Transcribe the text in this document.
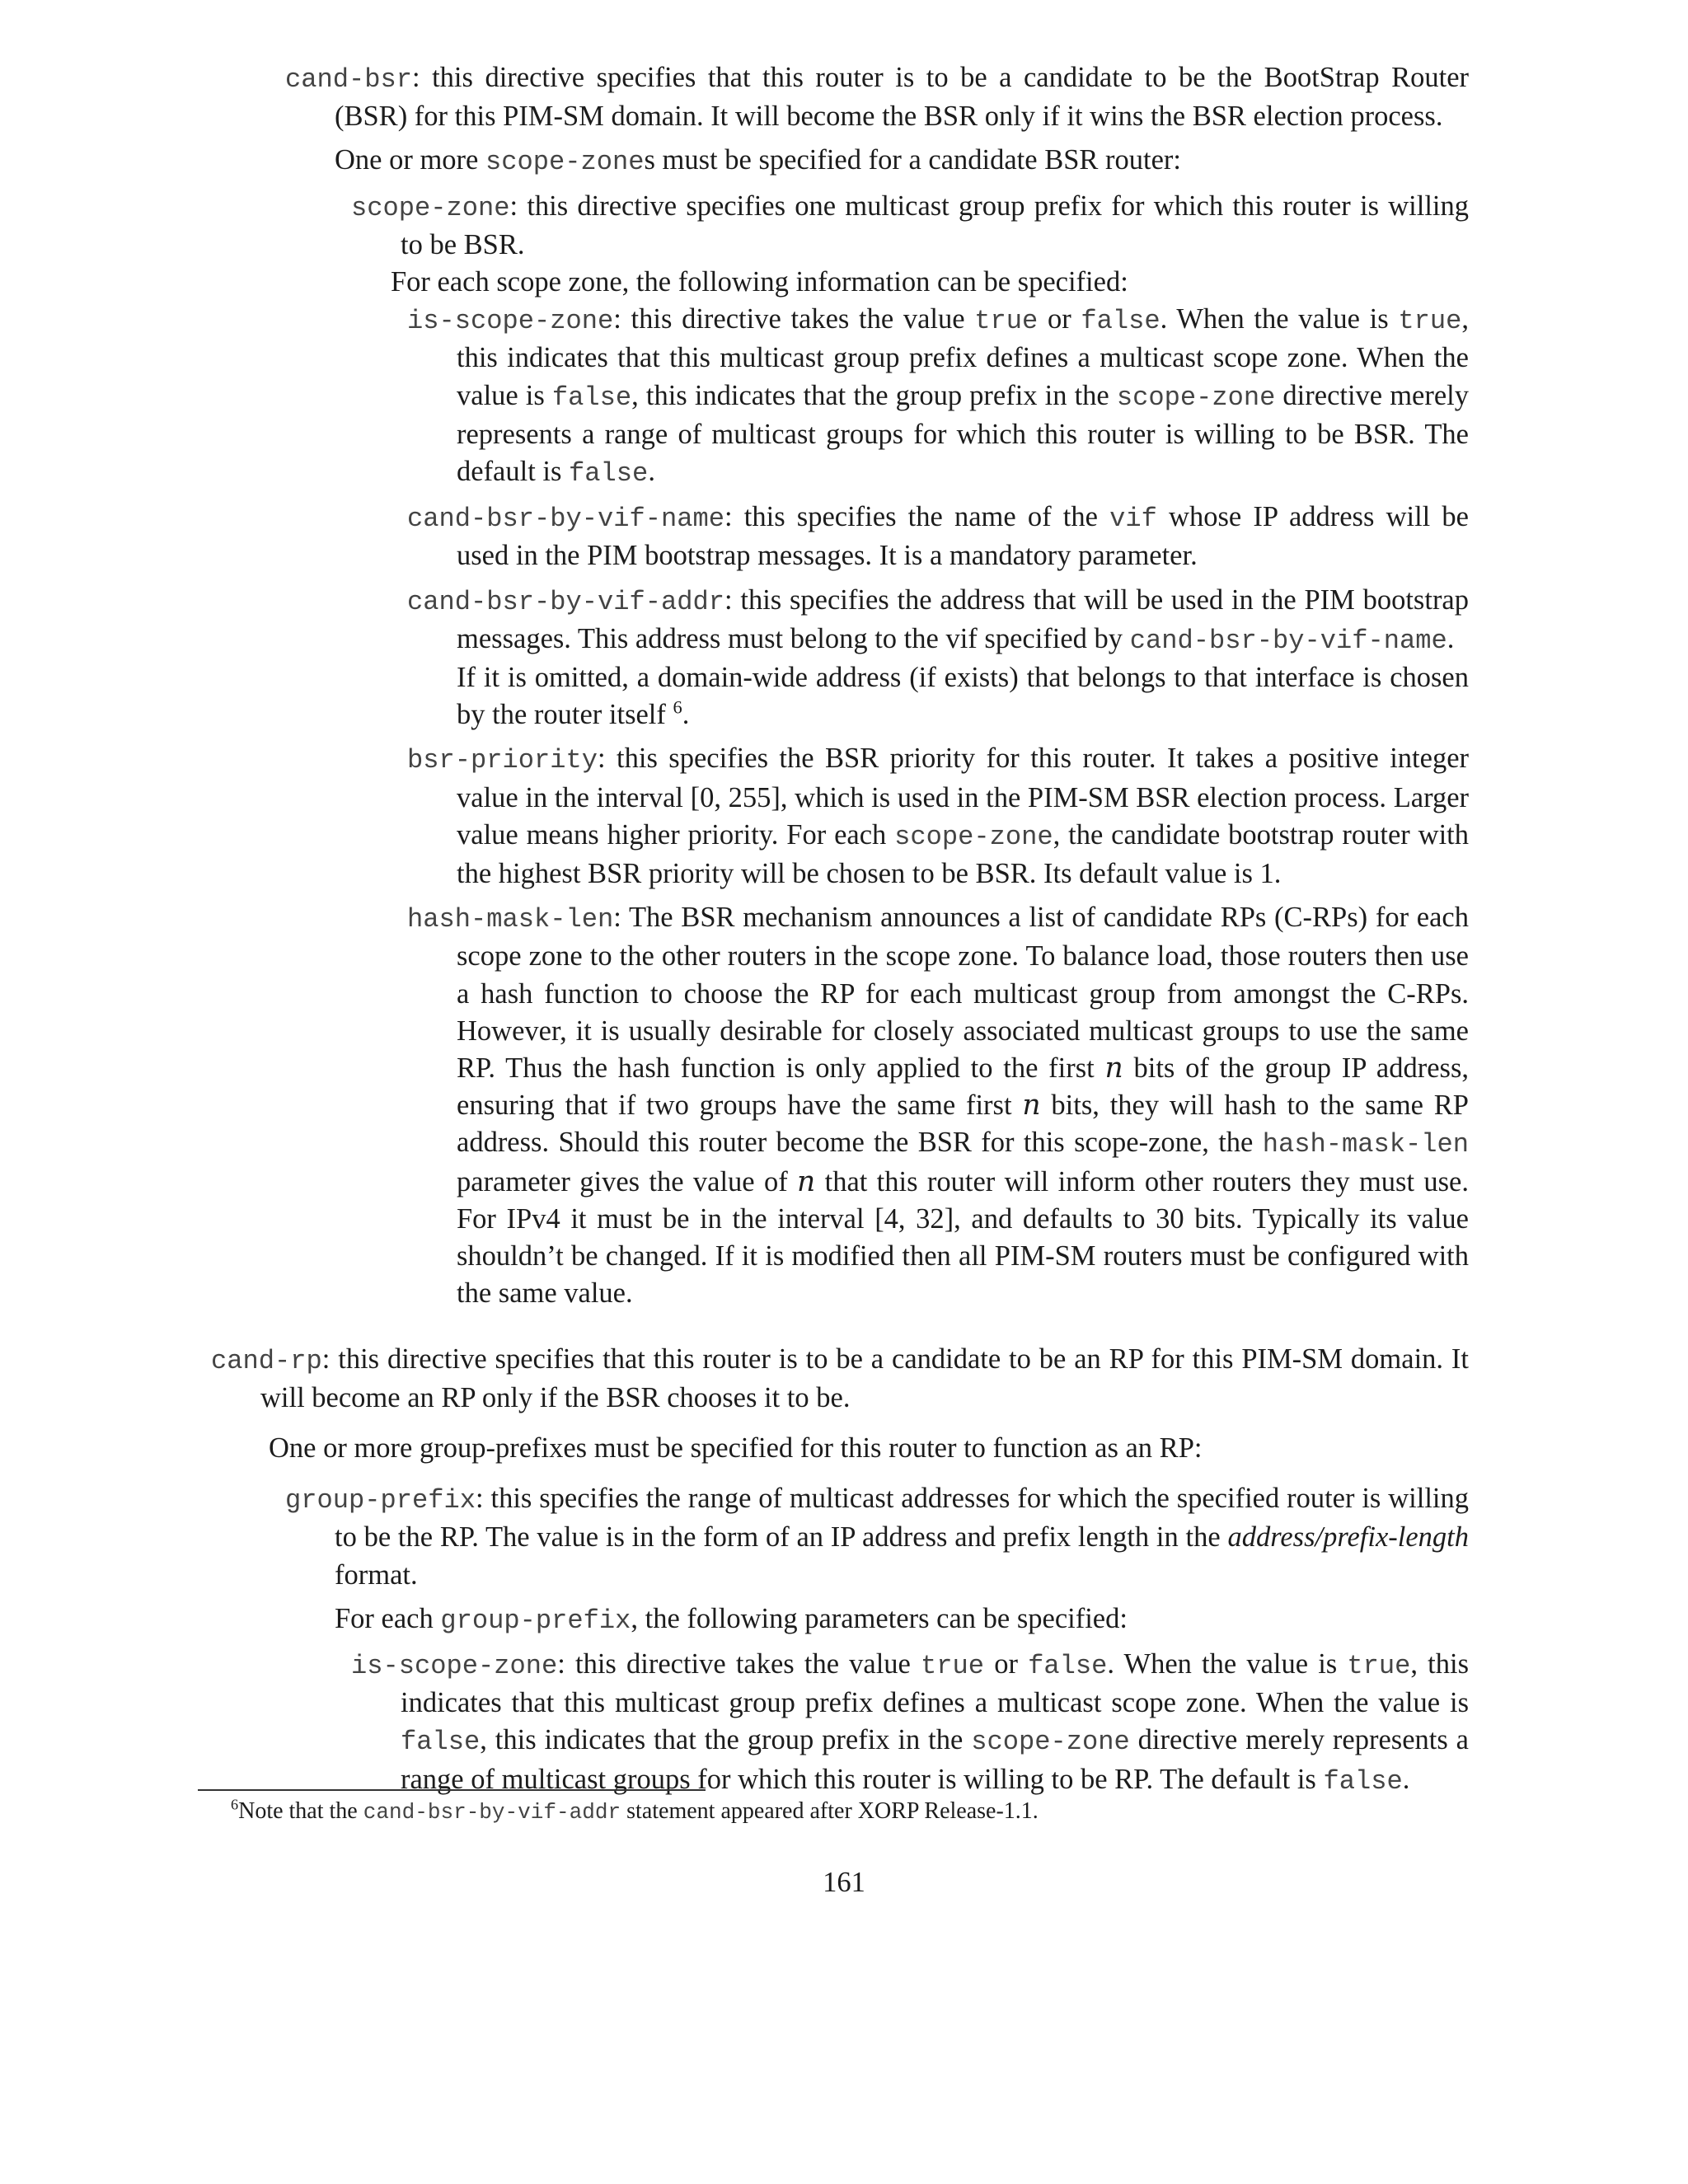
cand-bsr: this directive specifies that this router is to be a candidate to be the BootStrap Router (BSR) for this PIM-SM domain. It will become the BSR only if it wins the BSR election process.

One or more scope-zones must be specified for a candidate BSR router:

scope-zone: this directive specifies one multicast group prefix for which this router is willing to be BSR.

For each scope zone, the following information can be specified:

is-scope-zone: this directive takes the value true or false. When the value is true, this indicates that this multicast group prefix defines a multicast scope zone. When the value is false, this indicates that the group prefix in the scope-zone directive merely represents a range of multicast groups for which this router is willing to be BSR. The default is false.

cand-bsr-by-vif-name: this specifies the name of the vif whose IP address will be used in the PIM bootstrap messages. It is a mandatory parameter.

cand-bsr-by-vif-addr: this specifies the address that will be used in the PIM bootstrap messages. This address must belong to the vif specified by cand-bsr-by-vif-name.
If it is omitted, a domain-wide address (if exists) that belongs to that interface is chosen by the router itself $^6$.

bsr-priority: this specifies the BSR priority for this router. It takes a positive integer value in the interval [0, 255], which is used in the PIM-SM BSR election process. Larger value means higher priority. For each scope-zone, the candidate bootstrap router with the highest BSR priority will be chosen to be BSR. Its default value is 1.

hash-mask-len: The BSR mechanism announces a list of candidate RPs (C-RPs) for each scope zone to the other routers in the scope zone. To balance load, those routers then use a hash function to choose the RP for each multicast group from amongst the C-RPs. However, it is usually desirable for closely associated multicast groups to use the same RP. Thus the hash function is only applied to the first n bits of the group IP address, ensuring that if two groups have the same first n bits, they will hash to the same RP address. Should this router become the BSR for this scope-zone, the hash-mask-len parameter gives the value of n that this router will inform other routers they must use. For IPv4 it must be in the interval [4, 32], and defaults to 30 bits. Typically its value shouldn’t be changed. If it is modified then all PIM-SM routers must be configured with the same value.

cand-rp: this directive specifies that this router is to be a candidate to be an RP for this PIM-SM domain. It will become an RP only if the BSR chooses it to be.

One or more group-prefixes must be specified for this router to function as an RP:

group-prefix: this specifies the range of multicast addresses for which the specified router is willing to be the RP. The value is in the form of an IP address and prefix length in the address/prefix-length format.

For each group-prefix, the following parameters can be specified:

is-scope-zone: this directive takes the value true or false. When the value is true, this indicates that this multicast group prefix defines a multicast scope zone. When the value is false, this indicates that the group prefix in the scope-zone directive merely represents a range of multicast groups for which this router is willing to be RP. The default is false.

$^6$Note that the cand-bsr-by-vif-addr statement appeared after XORP Release-1.1.

161
